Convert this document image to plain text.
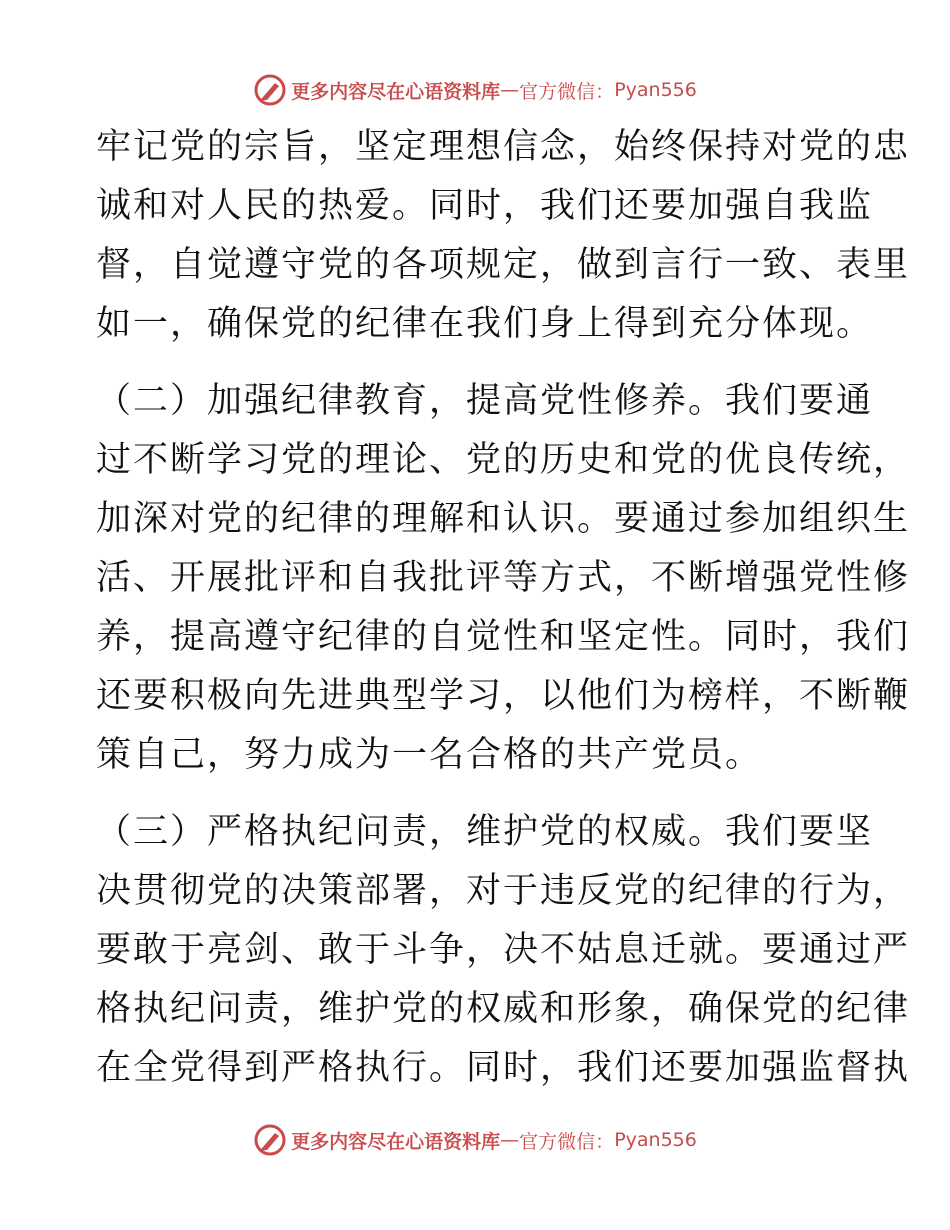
更多内容尽在心语资料库 — 官方微信： Pyan556
牢记党的宗旨，坚定理想信念，始终保持对党的忠
诚和对人民的热爱。同时，我们还要加强自我监
督，自觉遵守党的各项规定，做到言行一致、表里
如一，确保党的纪律在我们身上得到充分体现。
（二）加强纪律教育，提高党性修养。我们要通
过不断学习党的理论、党的历史和党的优良传统，
加深对党的纪律的理解和认识。要通过参加组织生
活、开展批评和自我批评等方式，不断增强党性修
养，提高遵守纪律的自觉性和坚定性。同时，我们
还要积极向先进典型学习，以他们为榜样，不断鞭
策自己，努力成为一名合格的共产党员。
（三）严格执纪问责，维护党的权威。我们要坚
决贯彻党的决策部署，对于违反党的纪律的行为，
要敢于亮剑、敢于斗争，决不姑息迁就。要通过严
格执纪问责，维护党的权威和形象，确保党的纪律
在全党得到严格执行。同时，我们还要加强监督执
更多内容尽在心语资料库 — 官方微信： Pyan556
